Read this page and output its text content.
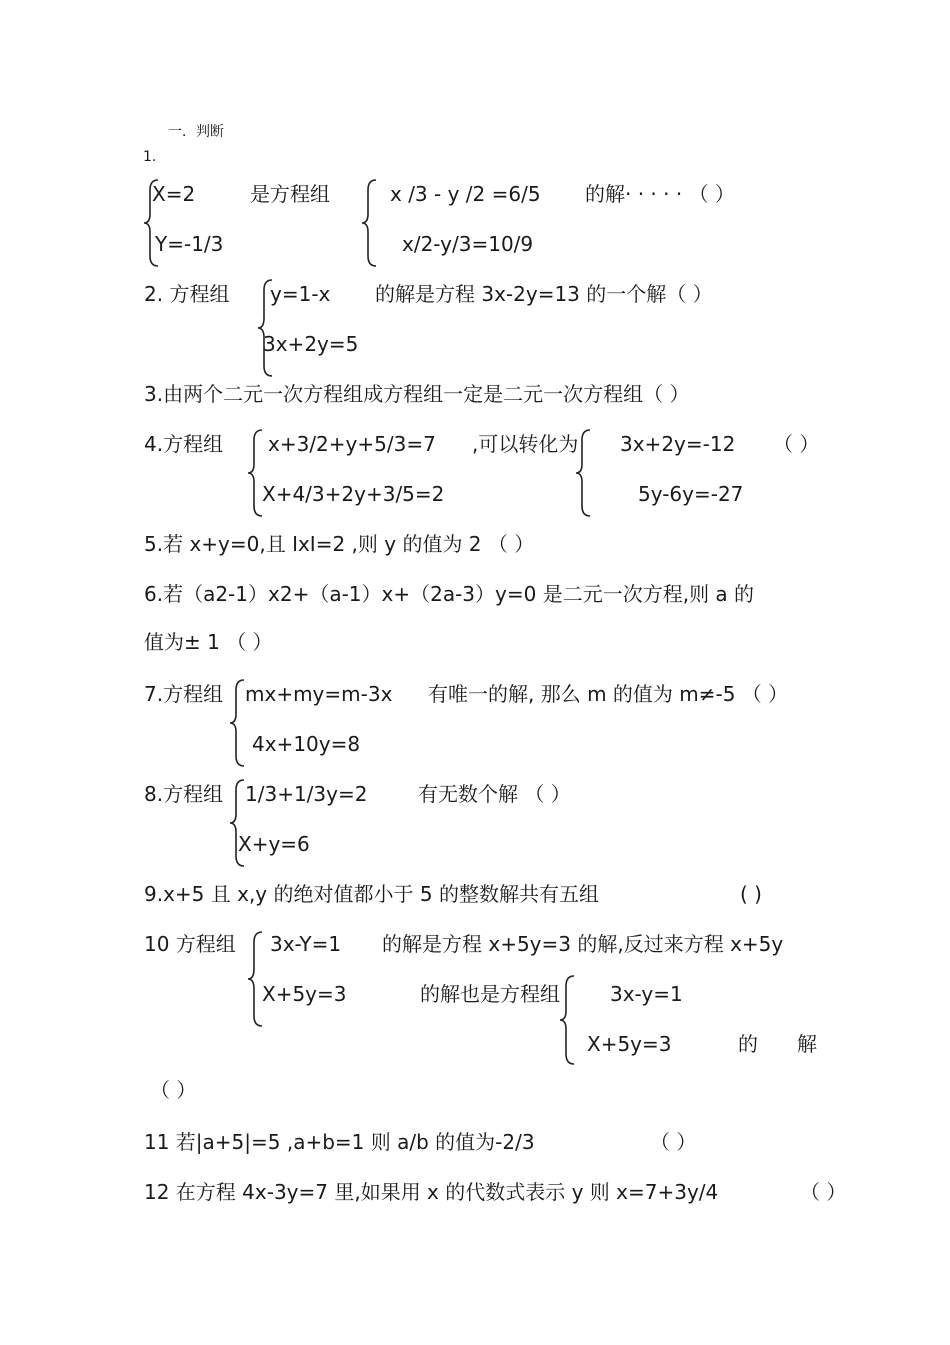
一．判断
1.
X=2
Y=-1/3
是方程组	x /3 - y /2 =6/5
x/2-y/3=10/9
的解· · · · · （ ）
2. 方程组 y=1-x
3x+2y=5
的解是方程 3x-2y=13 的一个解（ ）
3.由两个二元一次方程组成方程组一定是二元一次方程组（ ）
4.方程组 x+3/2+y+5/3=7
X+4/3+2y+3/5=2
,可以转化为 3x+2y=-12
5y-6y=-27
（ ）
5.若 x+y=0,且 IxI=2 ,则 y 的值为 2 （ ）
6.若（a2-1）x2+（a-1）x+（2a-3）y=0 是二元一次方程,则 a 的
值为± 1 （ ）
7.方程组 mx+my=m-3x
4x+10y=8
有唯一的解, 那么 m 的值为 m≠-5 （ ）
8.方程组 1/3+1/3y=2
X+y=6
有无数个解 （ ）
9.x+5 且 x,y 的绝对值都小于 5 的整数解共有五组	( )
10 方程组 3x-Y=1
X+5y=3
的解是方程 x+5y=3 的解,反过来方程 x+5y
的解也是方程组	3x-y=1
X+5y=3	的 解
（ ）
11 若|a+5|=5 ,a+b=1 则 a/b 的值为-2/3	（ ）
12 在方程 4x-3y=7 里,如果用 x 的代数式表示 y 则 x=7+3y/4	（ ）
